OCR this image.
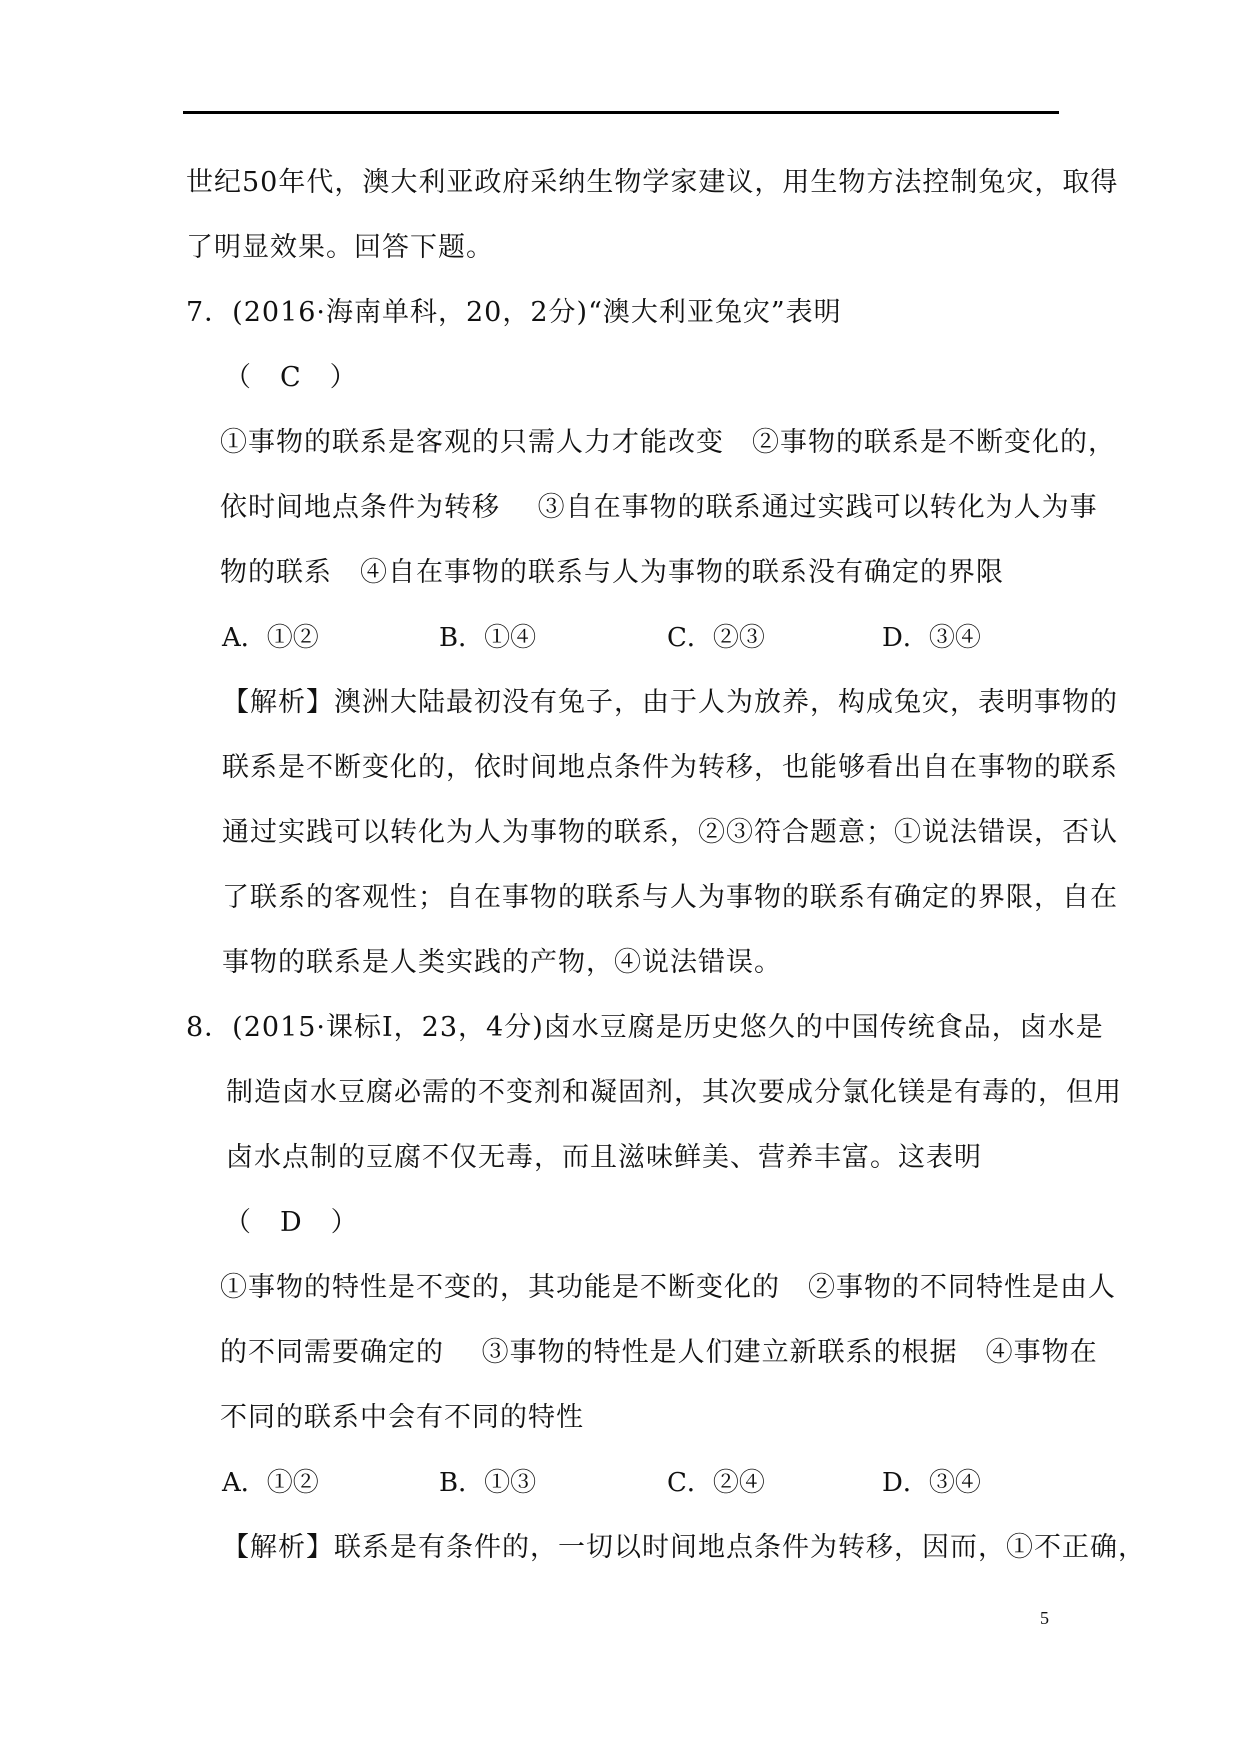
世纪50年代，澳大利亚政府采纳生物学家建议，用生物方法控制兔灾，取得
了明显效果。回答下题。
7．(2016·海南单科，20，2分)“澳大利亚兔灾”表明
（　C　）
①事物的联系是客观的只需人力才能改变　②事物的联系是不断变化的，
依时间地点条件为转移　 ③自在事物的联系通过实践可以转化为人为事
物的联系　④自在事物的联系与人为事物的联系没有确定的界限
A．①②	B．①④	C．②③	D．③④
【解析】澳洲大陆最初没有兔子，由于人为放养，构成兔灾，表明事物的
联系是不断变化的，依时间地点条件为转移，也能够看出自在事物的联系
通过实践可以转化为人为事物的联系，②③符合题意；①说法错误，否认
了联系的客观性；自在事物的联系与人为事物的联系有确定的界限，自在
事物的联系是人类实践的产物，④说法错误。
8．(2015·课标Ⅰ，23，4分)卤水豆腐是历史悠久的中国传统食品，卤水是
制造卤水豆腐必需的不变剂和凝固剂，其次要成分氯化镁是有毒的，但用
卤水点制的豆腐不仅无毒，而且滋味鲜美、营养丰富。这表明
（　D　）
①事物的特性是不变的，其功能是不断变化的　②事物的不同特性是由人
的不同需要确定的　 ③事物的特性是人们建立新联系的根据　④事物在
不同的联系中会有不同的特性
A．①②	B．①③	C．②④	D．③④
【解析】联系是有条件的，一切以时间地点条件为转移，因而，①不正确，
5
